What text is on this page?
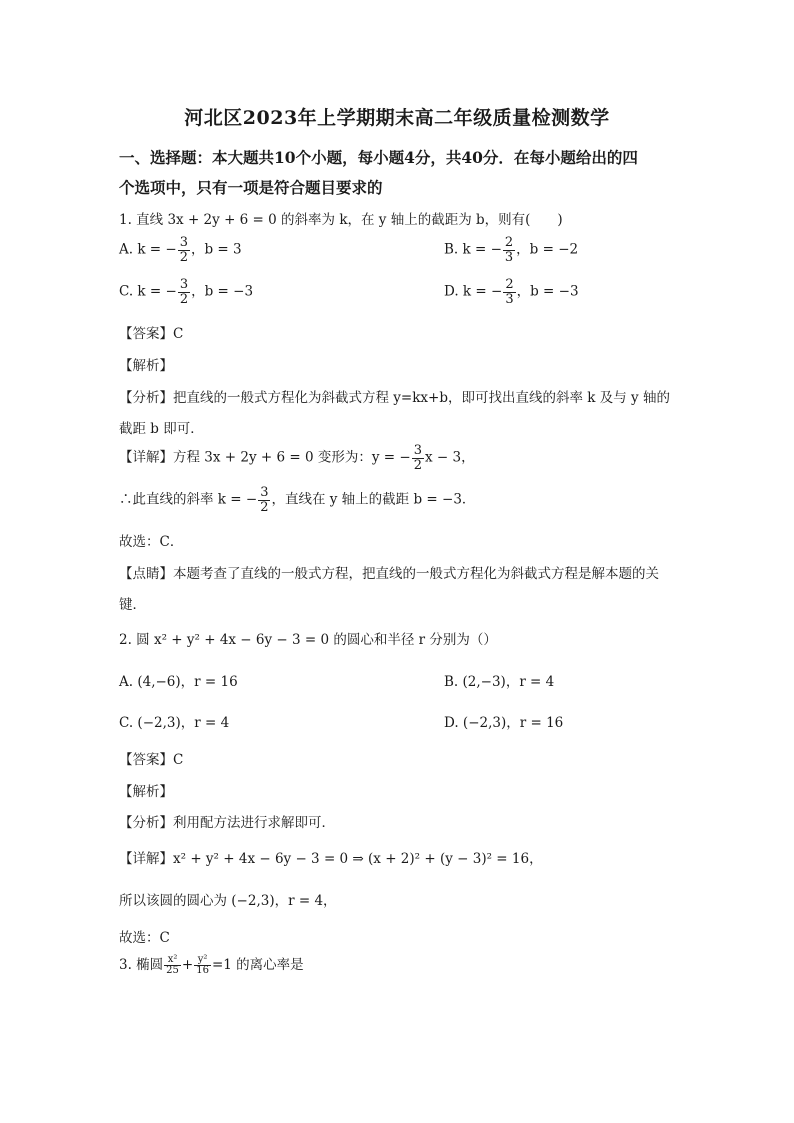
河北区2023年上学期期末高二年级质量检测数学
一、选择题：本大题共10个小题，每小题4分，共40分．在每小题给出的四
个选项中，只有一项是符合题目要求的
1. 直线 3x + 2y + 6 = 0 的斜率为 k，在 y 轴上的截距为 b，则有(　　)
A. k = − $\frac{3}{2}$ ，b = 3	B. k = − $\frac{2}{3}$ ，b = −2
C. k = − $\frac{3}{2}$ ，b = −3	D. k = − $\frac{2}{3}$ ，b = −3
【答案】C
【解析】
【分析】把直线的一般式方程化为斜截式方程 y=kx+b，即可找出直线的斜率 k 及与 y 轴的
截距 b 即可．
【详解】方程 3x + 2y + 6 = 0 变形为：y = − $\frac{3}{2}$ x − 3，
∴此直线的斜率 k = − $\frac{3}{2}$ ，直线在 y 轴上的截距 b = −3．
故选：C．
【点睛】本题考查了直线的一般式方程，把直线的一般式方程化为斜截式方程是解本题的关
键．
2. 圆 x² + y² + 4x − 6y − 3 = 0 的圆心和半径 r 分别为（）
A. (4,−6)，r = 16	B. (2,−3)，r = 4
C. (−2,3)，r = 4	D. (−2,3)，r = 16
【答案】C
【解析】
【分析】利用配方法进行求解即可．
【详解】x² + y² + 4x − 6y − 3 = 0 ⇒ (x + 2)² + (y − 3)² = 16，
所以该圆的圆心为 (−2,3)，r = 4，
故选：C
3. 椭圆 $\frac{\text{x²}}{25} + \frac{\text{y²}}{16} =1$ 的离心率是
